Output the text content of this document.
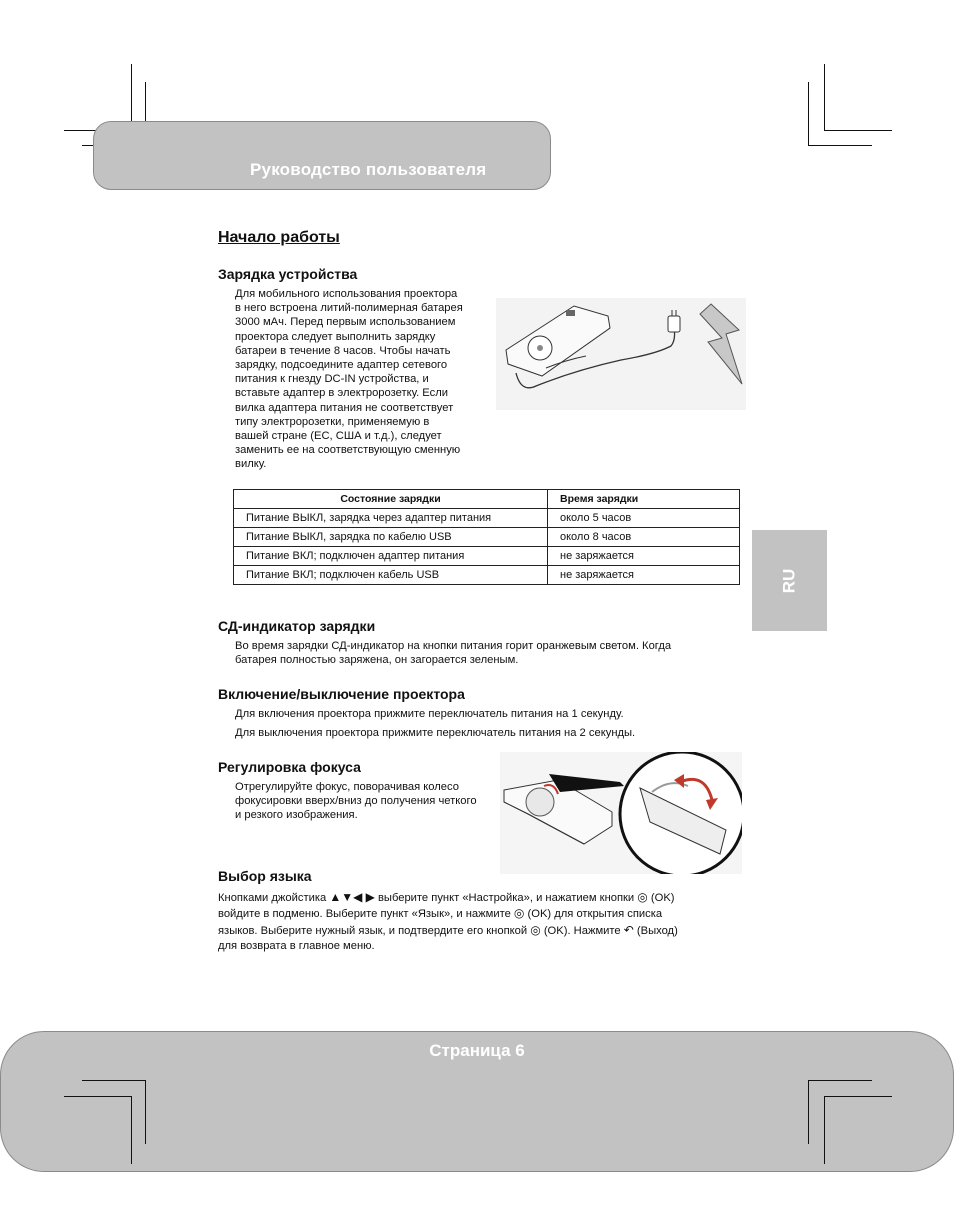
Руководство пользователя
RU
Начало работы
Зарядка устройства
Для мобильного использования проектора
в него встроена литий-полимерная батарея
3000 мАч. Перед первым использованием
проектора следует выполнить зарядку
батареи в течение 8 часов. Чтобы начать
зарядку, подсоедините адаптер сетевого
питания к гнезду DC-IN устройства, и
вставьте адаптер в электророзетку. Если
вилка адаптера питания не соответствует
типу электророзетки, применяемую в
вашей стране (ЕС, США и т.д.), следует
заменить ее на соответствующую сменную
вилку.
Состояние зарядки	Время зарядки
Питание ВЫКЛ, зарядка через адаптер питания	около 5 часов
Питание ВЫКЛ, зарядка по кабелю USB	около 8 часов
Питание ВКЛ; подключен адаптер питания	не заряжается
Питание ВКЛ; подключен кабель USB	не заряжается
СД-индикатор зарядки
Во время зарядки СД-индикатор на кнопки питания горит оранжевым светом. Когда
батарея полностью заряжена, он загорается зеленым.
Включение/выключение проектора
Для включения проектора прижмите переключатель питания на 1 секунду.
Для выключения проектора прижмите переключатель питания на 2 секунды.
Регулировка фокуса
Отрегулируйте фокус, поворачивая колесо
фокусировки вверх/вниз до получения четкого
и резкого изображения.
Выбор языка
Кнопками джойстика ▲▼◀ ▶ выберите пункт «Настройка», и нажатием кнопки ◎ (OK)
войдите в подменю. Выберите пункт «Язык», и нажмите ◎ (OK) для открытия списка
языков. Выберите нужный язык, и подтвердите его кнопкой ◎ (OK). Нажмите ↶ (Выход)
для возврата в главное меню.
Страница 6
